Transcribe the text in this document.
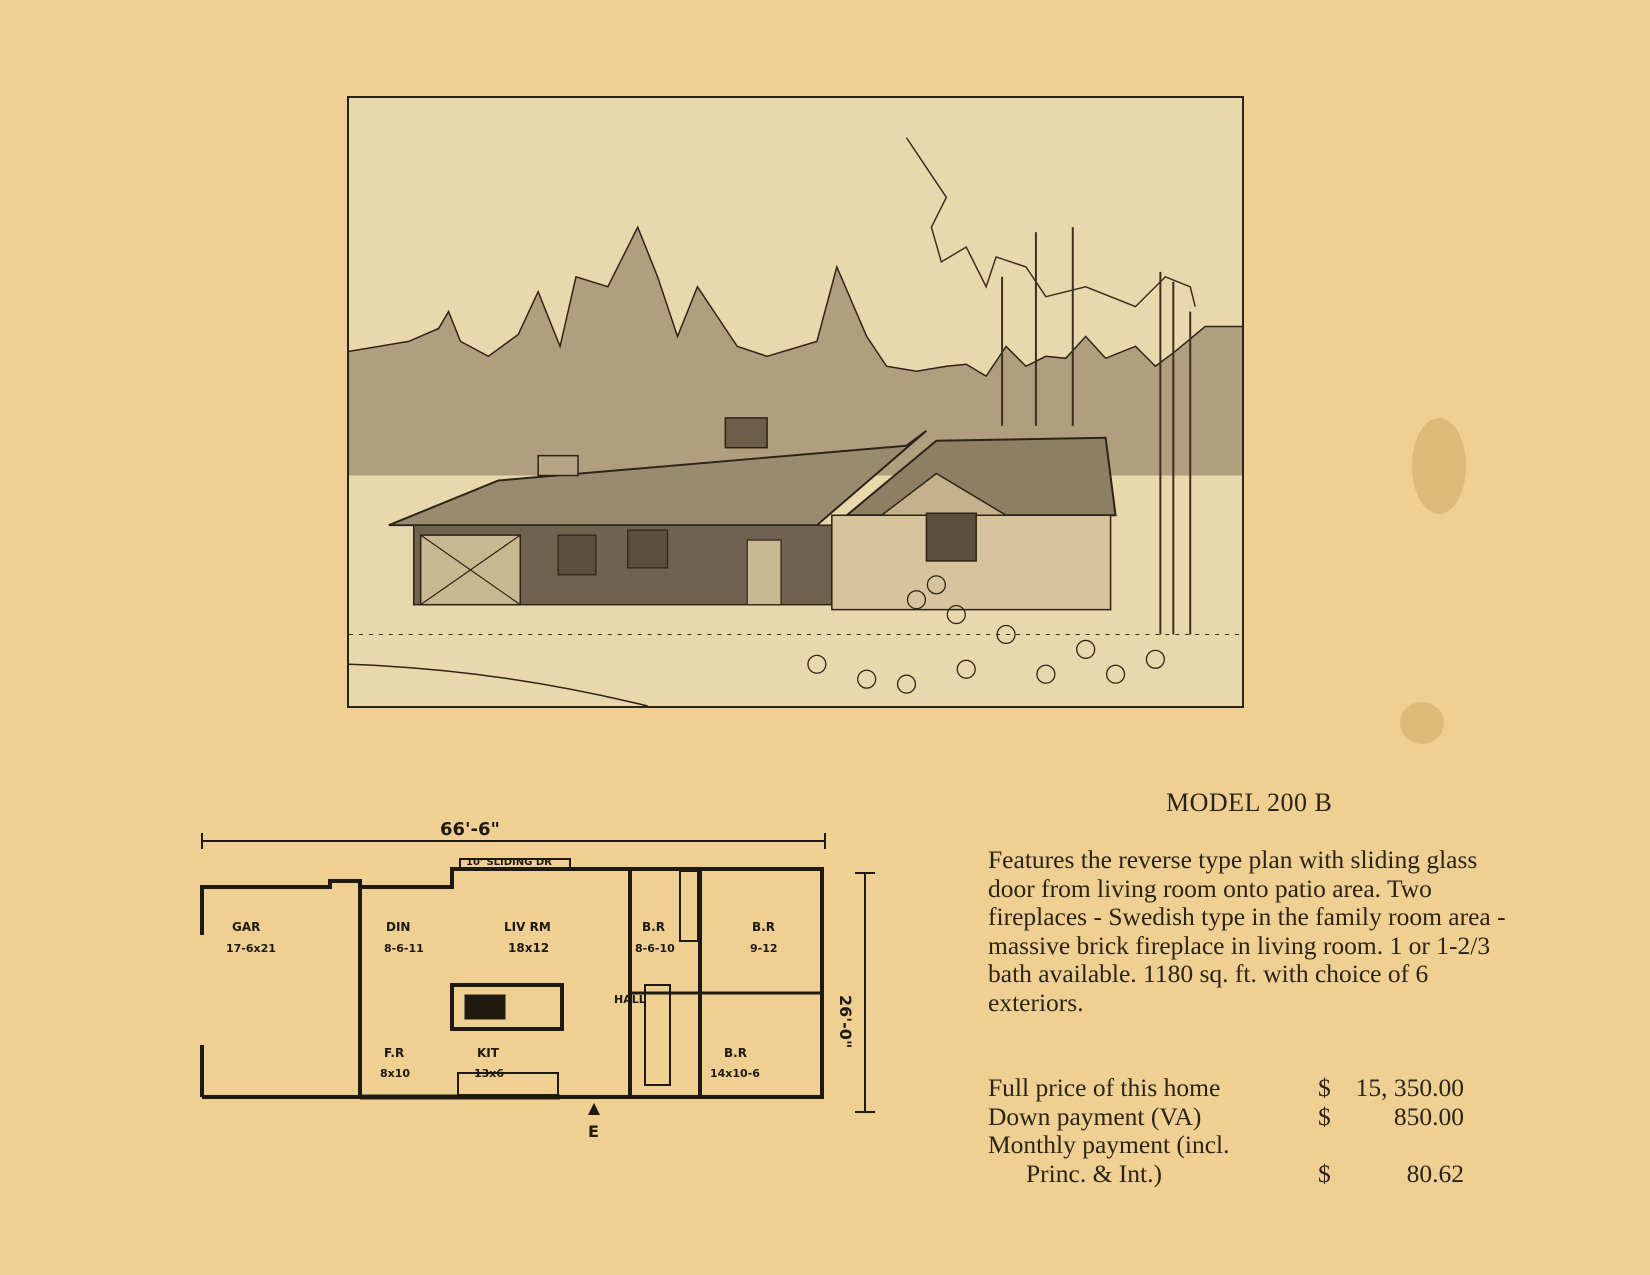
66'-6"
10' SLIDING DR
26'-0"
GAR
17-6x21
DIN
8-6-11
LIV RM
18x12
B.R
8-6-10
B.R
9-12
HALL
F.R
8x10
KIT
13x6
B.R
14x10-6
E
MODEL 200 B
Features the reverse type plan with sliding glass door from living room onto patio area. Two fireplaces - Swedish type in the family room area - massive brick fireplace in living room. 1 or 1-2/3 bath available. 1180 sq. ft. with choice of 6 exteriors.
Full price of this home	$ 15, 350.00
Down payment (VA)	$ 850.00
Monthly payment (incl.
Princ. & Int.)	$	80.62
